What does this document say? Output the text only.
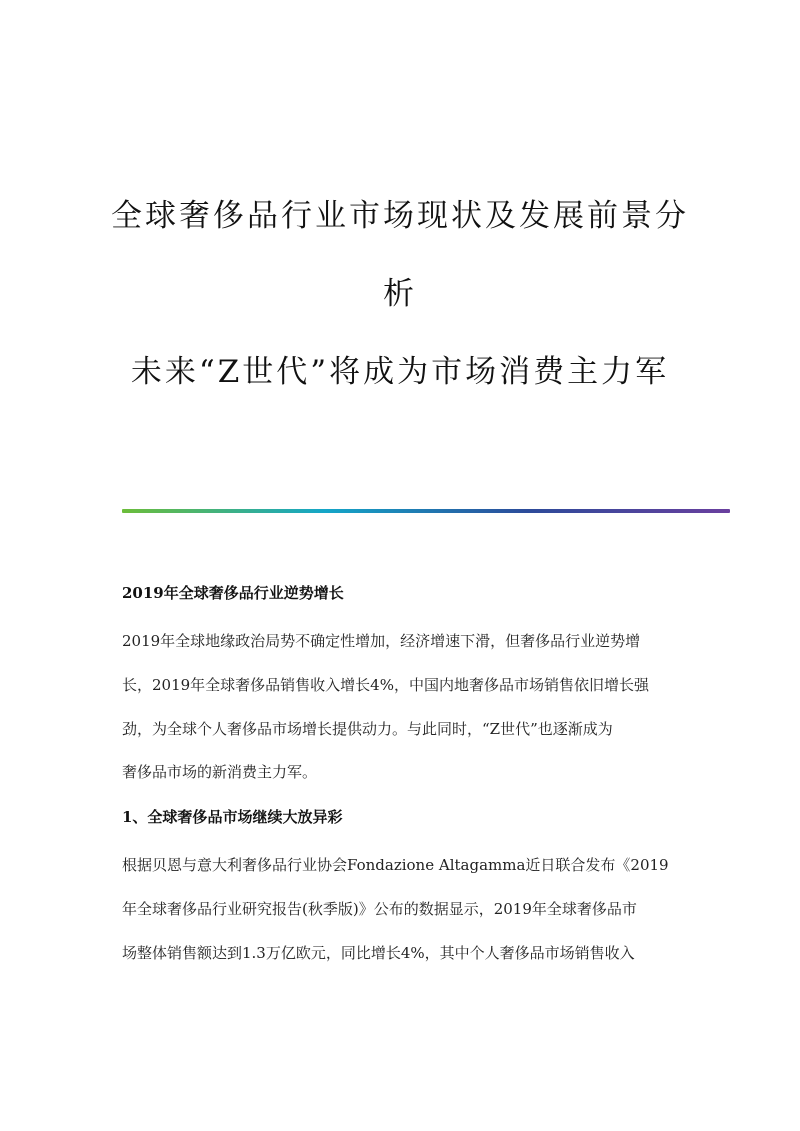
全球奢侈品行业市场现状及发展前景分
析
未来“Z世代”将成为市场消费主力军
2019年全球奢侈品行业逆势增长
2019年全球地缘政治局势不确定性增加，经济增速下滑，但奢侈品行业逆势增
长，2019年全球奢侈品销售收入增长4%，中国内地奢侈品市场销售依旧增长强
劲，为全球个人奢侈品市场增长提供动力。与此同时，“Z世代”也逐渐成为
奢侈品市场的新消费主力军。
1、全球奢侈品市场继续大放异彩
根据贝恩与意大利奢侈品行业协会Fondazione Altagamma近日联合发布《2019
年全球奢侈品行业研究报告(秋季版)》公布的数据显示，2019年全球奢侈品市
场整体销售额达到1.3万亿欧元，同比增长4%，其中个人奢侈品市场销售收入
